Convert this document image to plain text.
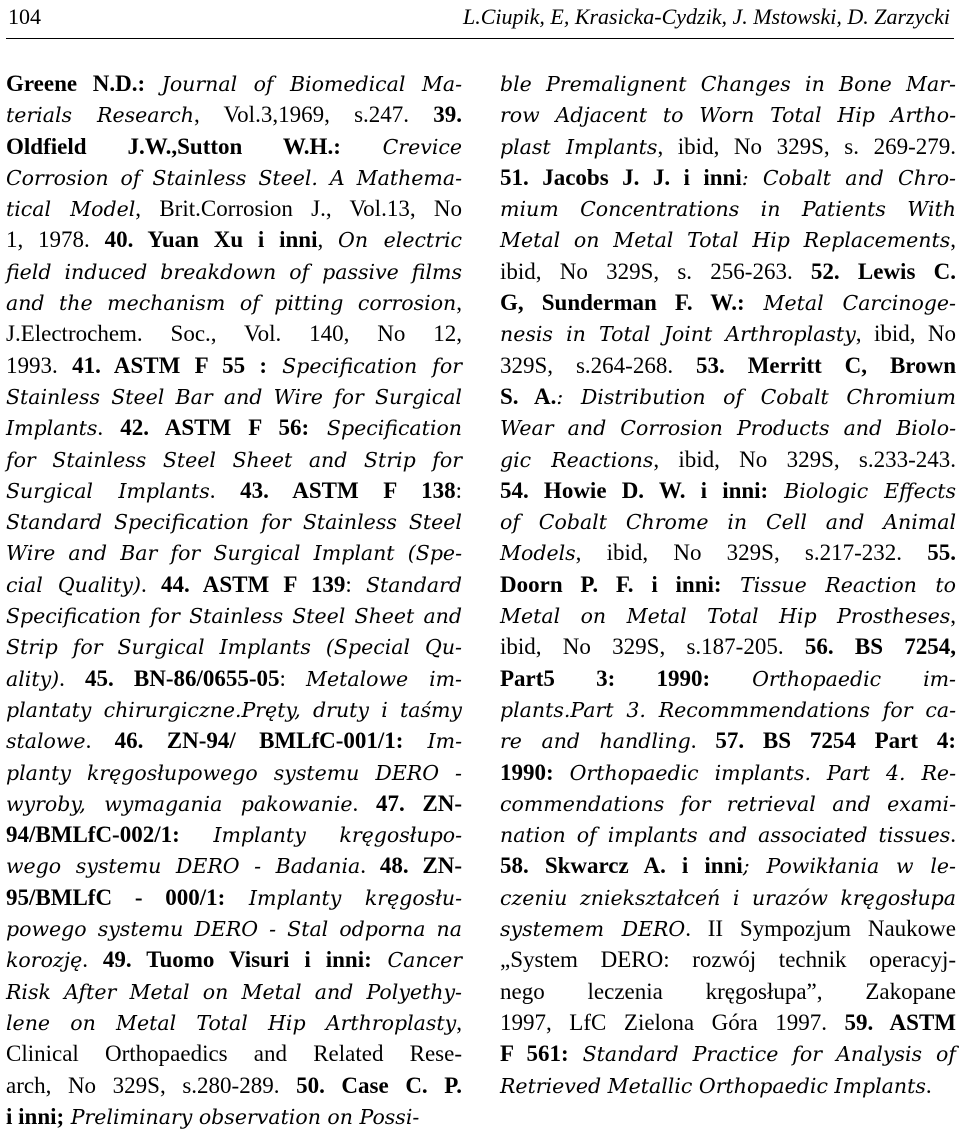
104	L.Ciupik, E, Krasicka-Cydzik, J. Mstowski, D. Zarzycki
Greene N.D.: Journal of Biomedical Ma-
terials Research, Vol.3,1969, s.247. 39.
Oldfield J.W.,Sutton W.H.: Crevice
Corrosion of Stainless Steel. A Mathema-
tical Model, Brit.Corrosion J., Vol.13, No
1, 1978. 40. Yuan Xu i inni, On electric
field induced breakdown of passive films
and the mechanism of pitting corrosion,
J.Electrochem. Soc., Vol. 140, No 12,
1993. 41. ASTM F 55 : Specification for
Stainless Steel Bar and Wire for Surgical
Implants. 42. ASTM F 56: Specification
for Stainless Steel Sheet and Strip for
Surgical Implants. 43. ASTM F 138:
Standard Specification for Stainless Steel
Wire and Bar for Surgical Implant (Spe-
cial Quality). 44. ASTM F 139: Standard
Specification for Stainless Steel Sheet and
Strip for Surgical Implants (Special Qu-
ality). 45. BN-86/0655-05: Metalowe im-
plantaty chirurgiczne.Pręty, druty i taśmy
stalowe. 46. ZN-94/ BMLfC-001/1: Im-
planty kręgosłupowego systemu DERO -
wyroby, wymagania pakowanie. 47. ZN-
94/BMLfC-002/1: Implanty kręgosłupo-
wego systemu DERO - Badania. 48. ZN-
95/BMLfC - 000/1: Implanty kręgosłu-
powego systemu DERO - Stal odporna na
korozję. 49. Tuomo Visuri i inni: Cancer
Risk After Metal on Metal and Polyethy-
lene on Metal Total Hip Arthroplasty,
Clinical Orthopaedics and Related Rese-
arch, No 329S, s.280-289. 50. Case C. P.
i inni; Preliminary observation on Possi-
ble Premalignent Changes in Bone Mar-
row Adjacent to Worn Total Hip Artho-
plast Implants, ibid, No 329S, s. 269-279.
51. Jacobs J. J. i inni: Cobalt and Chro-
mium Concentrations in Patients With
Metal on Metal Total Hip Replacements,
ibid, No 329S, s. 256-263. 52. Lewis C.
G, Sunderman F. W.: Metal Carcinoge-
nesis in Total Joint Arthroplasty, ibid, No
329S, s.264-268. 53. Merritt C, Brown
S. A.: Distribution of Cobalt Chromium
Wear and Corrosion Products and Biolo-
gic Reactions, ibid, No 329S, s.233-243.
54. Howie D. W. i inni: Biologic Effects
of Cobalt Chrome in Cell and Animal
Models, ibid, No 329S, s.217-232. 55.
Doorn P. F. i inni: Tissue Reaction to
Metal on Metal Total Hip Prostheses,
ibid, No 329S, s.187-205. 56. BS 7254,
Part5 3: 1990: Orthopaedic im-
plants.Part 3. Recommmendations for ca-
re and handling. 57. BS 7254 Part 4:
1990: Orthopaedic implants. Part 4. Re-
commendations for retrieval and exami-
nation of implants and associated tissues.
58. Skwarcz A. i inni; Powikłania w le-
czeniu zniekształceń i urazów kręgosłupa
systemem DERO. II Sympozjum Naukowe
„System DERO: rozwój technik operacyj-
nego leczenia kręgosłupa”, Zakopane
1997, LfC Zielona Góra 1997. 59. ASTM
F 561: Standard Practice for Analysis of
Retrieved Metallic Orthopaedic Implants.
